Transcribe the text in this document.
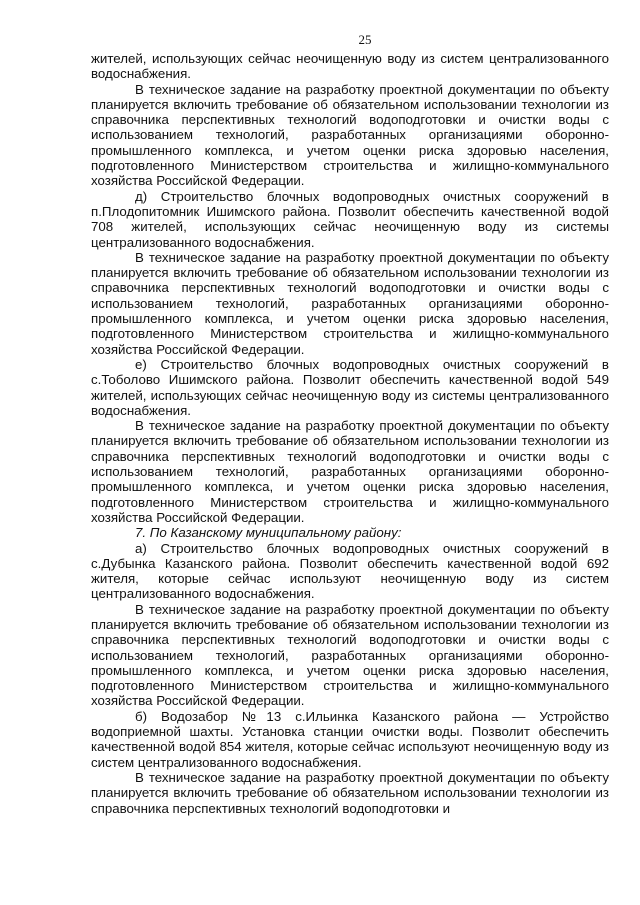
25

жителей, использующих сейчас неочищенную воду из систем централизованного водоснабжения.

В техническое задание на разработку проектной документации по объекту планируется включить требование об обязательном использовании технологии из справочника перспективных технологий водоподготовки и очистки воды с использованием технологий, разработанных организациями оборонно-промышленного комплекса, и учетом оценки риска здоровью населения, подготовленного Министерством строительства и жилищно-коммунального хозяйства Российской Федерации.

д) Строительство блочных водопроводных очистных сооружений в п.Плодопитомник Ишимского района. Позволит обеспечить качественной водой 708 жителей, использующих сейчас неочищенную воду из системы централизованного водоснабжения.

В техническое задание на разработку проектной документации по объекту планируется включить требование об обязательном использовании технологии из справочника перспективных технологий водоподготовки и очистки воды с использованием технологий, разработанных организациями оборонно-промышленного комплекса, и учетом оценки риска здоровью населения, подготовленного Министерством строительства и жилищно-коммунального хозяйства Российской Федерации.

е) Строительство блочных водопроводных очистных сооружений в с.Тоболово Ишимского района. Позволит обеспечить качественной водой 549 жителей, использующих сейчас неочищенную воду из системы централизованного водоснабжения.

В техническое задание на разработку проектной документации по объекту планируется включить требование об обязательном использовании технологии из справочника перспективных технологий водоподготовки и очистки воды с использованием технологий, разработанных организациями оборонно-промышленного комплекса, и учетом оценки риска здоровью населения, подготовленного Министерством строительства и жилищно-коммунального хозяйства Российской Федерации.

7. По Казанскому муниципальному району:

а) Строительство блочных водопроводных очистных сооружений в с.Дубынка Казанского района. Позволит обеспечить качественной водой 692 жителя, которые сейчас используют неочищенную воду из систем централизованного водоснабжения.

В техническое задание на разработку проектной документации по объекту планируется включить требование об обязательном использовании технологии из справочника перспективных технологий водоподготовки и очистки воды с использованием технологий, разработанных организациями оборонно-промышленного комплекса, и учетом оценки риска здоровью населения, подготовленного Министерством строительства и жилищно-коммунального хозяйства Российской Федерации.

б) Водозабор №13 с.Ильинка Казанского района — Устройство водоприемной шахты. Установка станции очистки воды. Позволит обеспечить качественной водой 854 жителя, которые сейчас используют неочищенную воду из систем централизованного водоснабжения.

В техническое задание на разработку проектной документации по объекту планируется включить требование об обязательном использовании технологии из справочника перспективных технологий водоподготовки и
